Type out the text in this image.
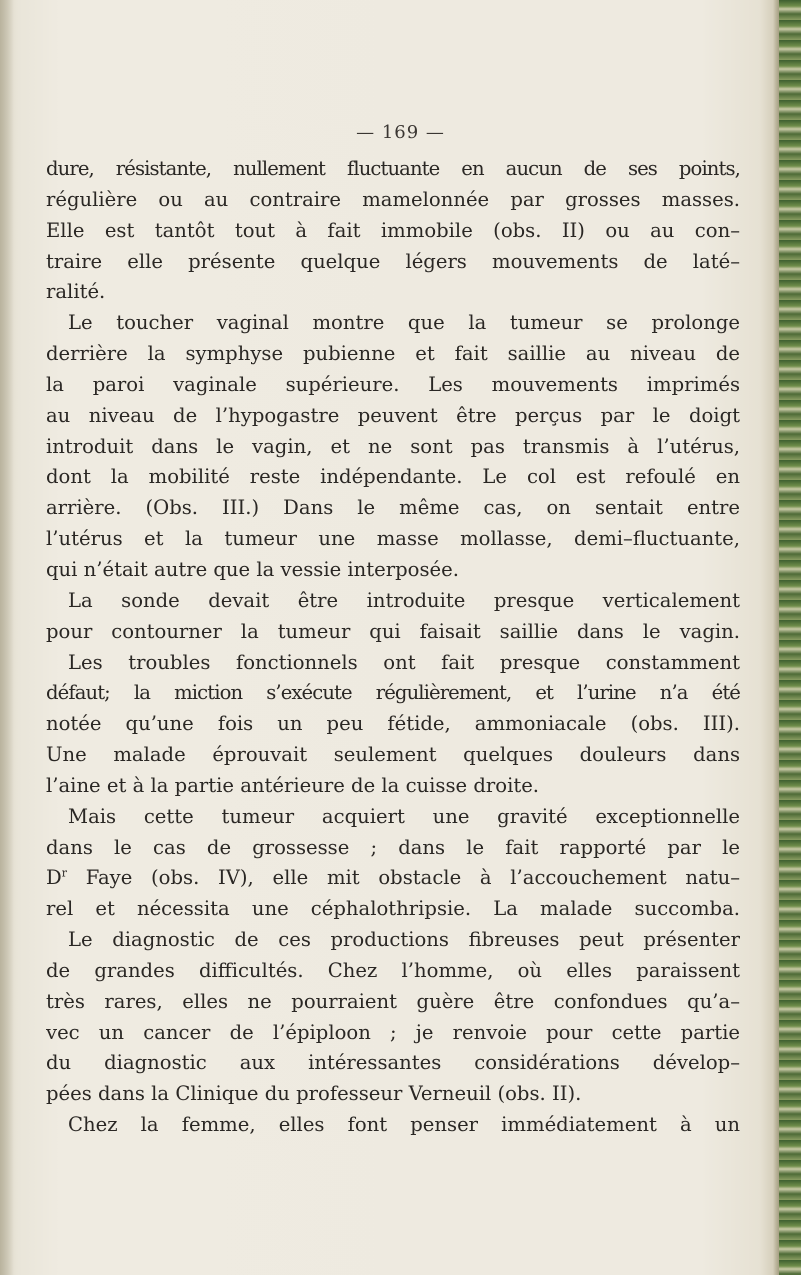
— 169 —
dure, résistante, nullement fluctuante en aucun de ses points,
régulière ou au contraire mamelonnée par grosses masses.
Elle est tantôt tout à fait immobile (obs. II) ou au con–
traire elle présente quelque légers mouvements de laté–
ralité.
Le toucher vaginal montre que la tumeur se prolonge
derrière la symphyse pubienne et fait saillie au niveau de
la paroi vaginale supérieure. Les mouvements imprimés
au niveau de l’hypogastre peuvent être perçus par le doigt
introduit dans le vagin, et ne sont pas transmis à l’utérus,
dont la mobilité reste indépendante. Le col est refoulé en
arrière. (Obs. III.) Dans le même cas, on sentait entre
l’utérus et la tumeur une masse mollasse, demi–fluctuante,
qui n’était autre que la vessie interposée.
La sonde devait être introduite presque verticalement
pour contourner la tumeur qui faisait saillie dans le vagin.
Les troubles fonctionnels ont fait presque constamment
défaut; la miction s’exécute régulièrement, et l’urine n’a été
notée qu’une fois un peu fétide, ammoniacale (obs. III).
Une malade éprouvait seulement quelques douleurs dans
l’aine et à la partie antérieure de la cuisse droite.
Mais cette tumeur acquiert une gravité exceptionnelle
dans le cas de grossesse ; dans le fait rapporté par le
$D^r$ Faye (obs. IV), elle mit obstacle à l’accouchement natu–
rel et nécessita une céphalothripsie. La malade succomba.
Le diagnostic de ces productions fibreuses peut présenter
de grandes difficultés. Chez l’homme, où elles paraissent
très rares, elles ne pourraient guère être confondues qu’a–
vec un cancer de l’épiploon ; je renvoie pour cette partie
du diagnostic aux intéressantes considérations dévelop–
pées dans la Clinique du professeur Verneuil (obs. II).
Chez la femme, elles font penser immédiatement à un
